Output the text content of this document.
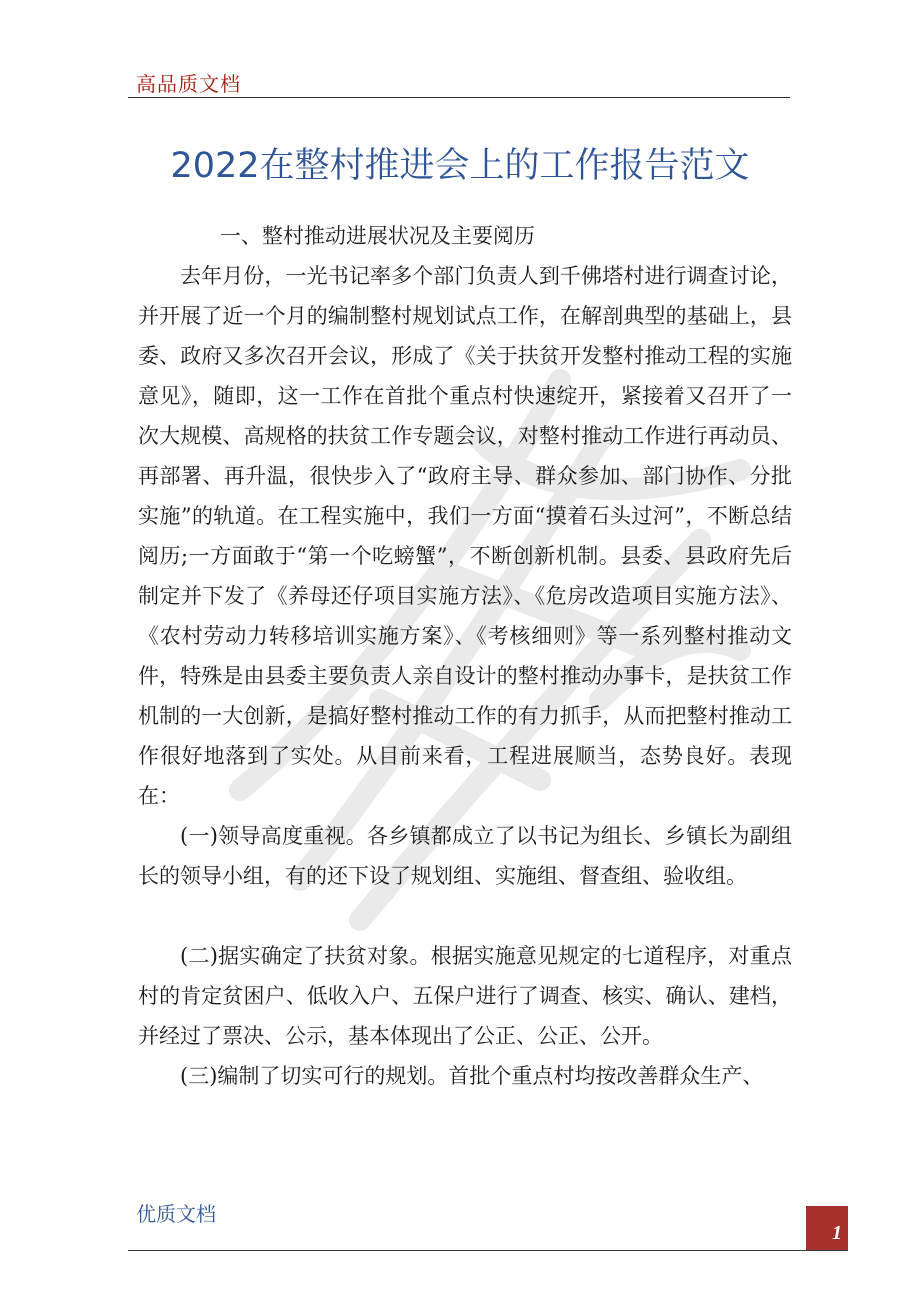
高品质文档
2022在整村推进会上的工作报告范文

一、整村推动进展状况及主要阅历

去年月份，一光书记率多个部门负责人到千佛塔村进行调查讨论，并开展了近一个月的编制整村规划试点工作，在解剖典型的基础上，县委、政府又多次召开会议，形成了《关于扶贫开发整村推动工程的实施意见》，随即，这一工作在首批个重点村快速绽开，紧接着又召开了一次大规模、高规格的扶贫工作专题会议，对整村推动工作进行再动员、再部署、再升温，很快步入了“政府主导、群众参加、部门协作、分批实施”的轨道。在工程实施中，我们一方面“摸着石头过河”，不断总结阅历;一方面敢于“第一个吃螃蟹”，不断创新机制。县委、县政府先后制定并下发了《养母还仔项目实施方法》、《危房改造项目实施方法》、《农村劳动力转移培训实施方案》、《考核细则》等一系列整村推动文件，特殊是由县委主要负责人亲自设计的整村推动办事卡，是扶贫工作机制的一大创新，是搞好整村推动工作的有力抓手，从而把整村推动工作很好地落到了实处。从目前来看，工程进展顺当，态势良好。表现在：

(一)领导高度重视。各乡镇都成立了以书记为组长、乡镇长为副组长的领导小组，有的还下设了规划组、实施组、督查组、验收组。

(二)据实确定了扶贫对象。根据实施意见规定的七道程序，对重点村的肯定贫困户、低收入户、五保户进行了调查、核实、确认、建档，并经过了票决、公示，基本体现出了公正、公正、公开。

(三)编制了切实可行的规划。首批个重点村均按改善群众生产、

优质文档
1
